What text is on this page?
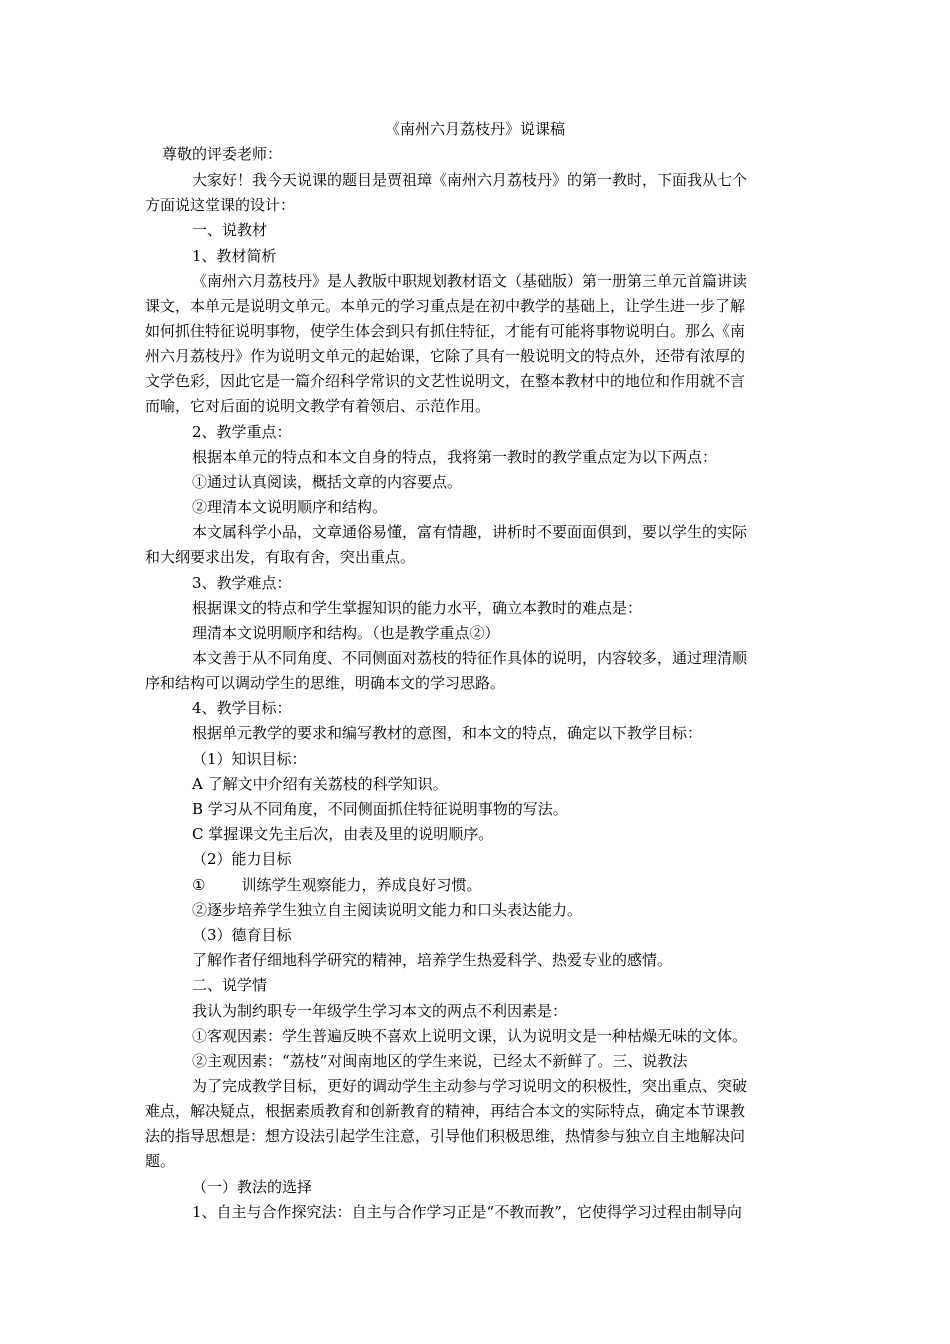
《南州六月荔枝丹》说课稿
尊敬的评委老师：
大家好！我今天说课的题目是贾祖璋《南州六月荔枝丹》的第一教时，下面我从七个
方面说这堂课的设计：
一、说教材
1、教材简析
《南州六月荔枝丹》是人教版中职规划教材语文（基础版）第一册第三单元首篇讲读
课文，本单元是说明文单元。本单元的学习重点是在初中教学的基础上，让学生进一步了解
如何抓住特征说明事物，使学生体会到只有抓住特征，才能有可能将事物说明白。那么《南
州六月荔枝丹》作为说明文单元的起始课，它除了具有一般说明文的特点外，还带有浓厚的
文学色彩，因此它是一篇介绍科学常识的文艺性说明文，在整本教材中的地位和作用就不言
而喻，它对后面的说明文教学有着领启、示范作用。
2、教学重点：
根据本单元的特点和本文自身的特点，我将第一教时的教学重点定为以下两点：
①通过认真阅读，概括文章的内容要点。
②理清本文说明顺序和结构。
本文属科学小品，文章通俗易懂，富有情趣，讲析时不要面面俱到，要以学生的实际
和大纲要求出发，有取有舍，突出重点。
3、教学难点：
根据课文的特点和学生掌握知识的能力水平，确立本教时的难点是：
理清本文说明顺序和结构。（也是教学重点②）
本文善于从不同角度、不同侧面对荔枝的特征作具体的说明，内容较多，通过理清顺
序和结构可以调动学生的思维，明确本文的学习思路。
4、教学目标：
根据单元教学的要求和编写教材的意图，和本文的特点，确定以下教学目标：
（1）知识目标：
A 了解文中介绍有关荔枝的科学知识。
B 学习从不同角度，不同侧面抓住特征说明事物的写法。
C 掌握课文先主后次，由表及里的说明顺序。
（2）能力目标
① 训练学生观察能力，养成良好习惯。
②逐步培养学生独立自主阅读说明文能力和口头表达能力。
（3）德育目标
了解作者仔细地科学研究的精神，培养学生热爱科学、热爱专业的感情。
二、说学情
我认为制约职专一年级学生学习本文的两点不利因素是：
①客观因素：学生普遍反映不喜欢上说明文课，认为说明文是一种枯燥无味的文体。
②主观因素：“荔枝”对闽南地区的学生来说，已经太不新鲜了。三、说教法
为了完成教学目标，更好的调动学生主动参与学习说明文的积极性，突出重点、突破
难点，解决疑点，根据素质教育和创新教育的精神，再结合本文的实际特点，确定本节课教
法的指导思想是：想方设法引起学生注意，引导他们积极思维，热情参与独立自主地解决问
题。
（一）教法的选择
1、自主与合作探究法：自主与合作学习正是“不教而教”，它使得学习过程由制导向
